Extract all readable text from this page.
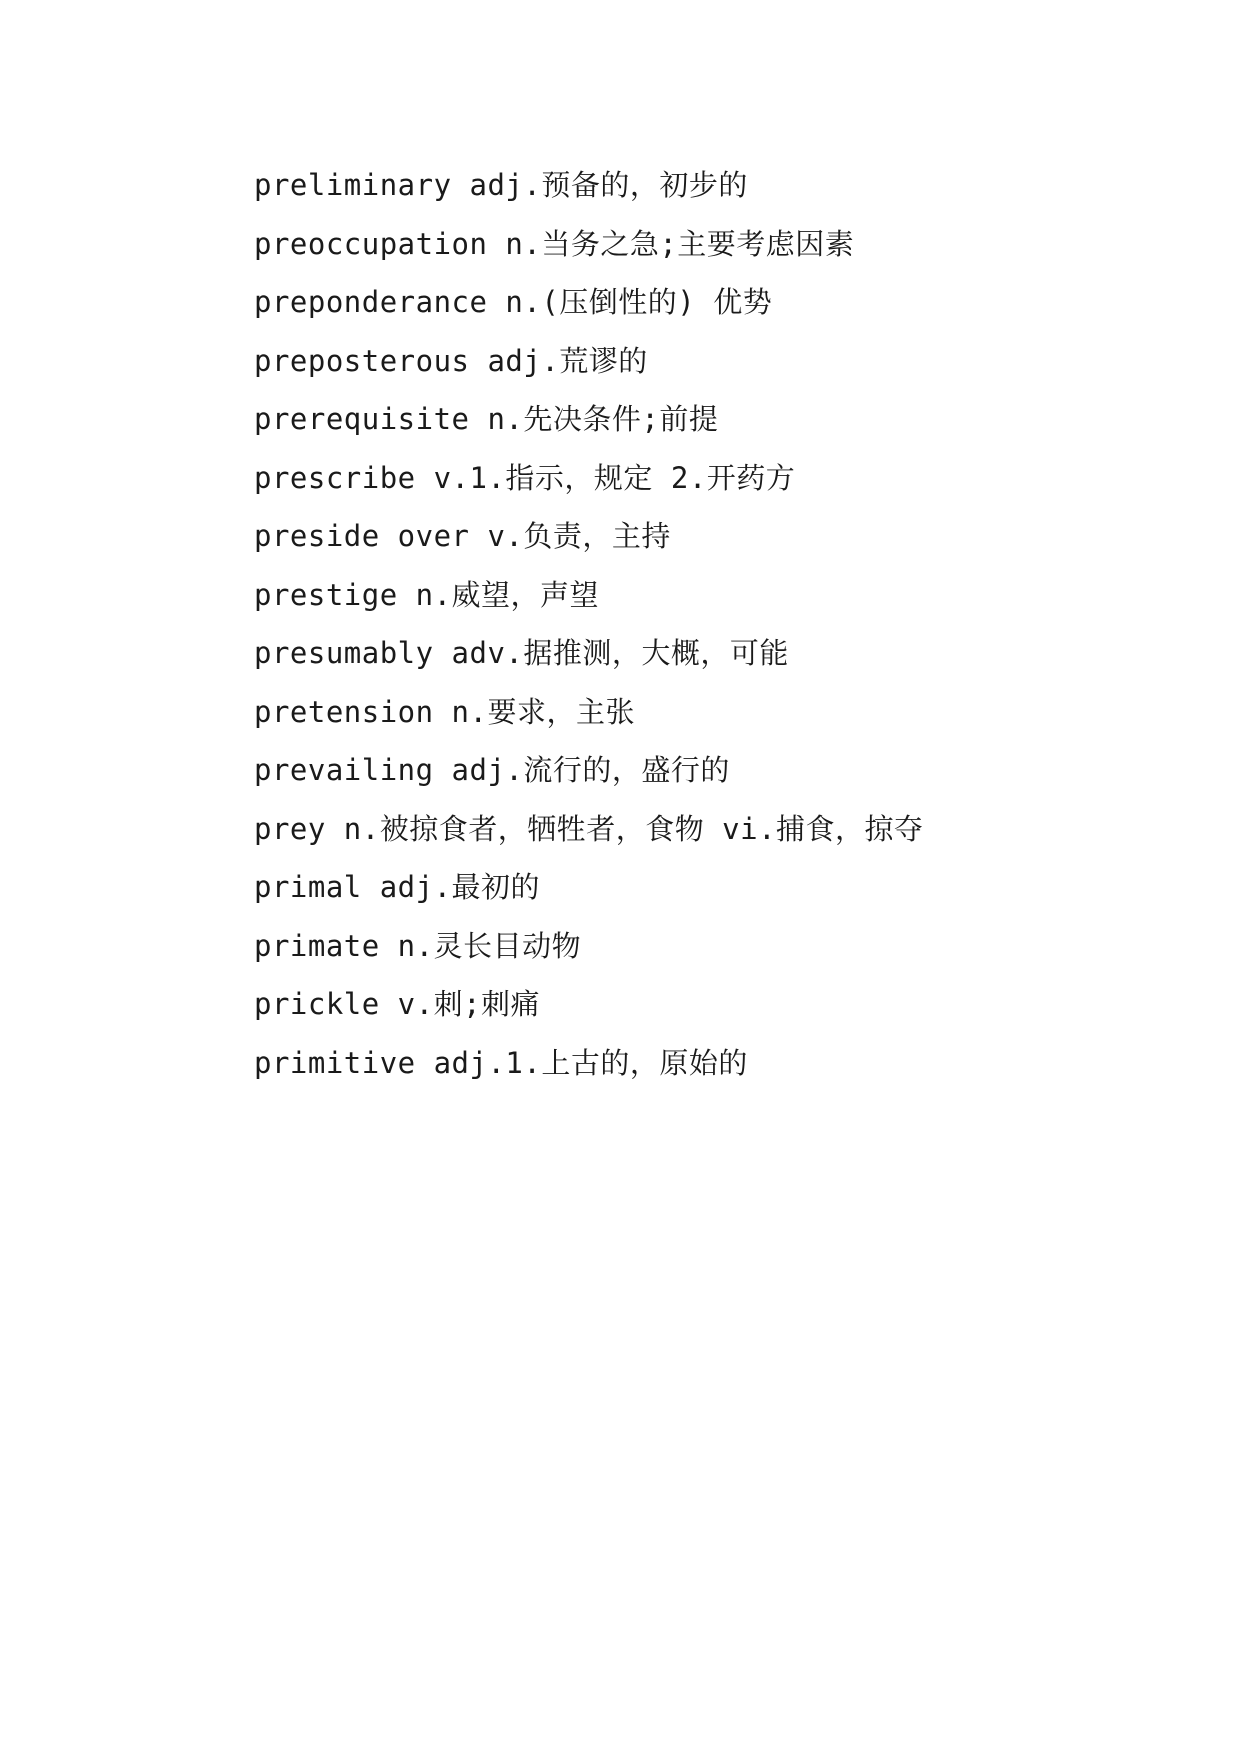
preliminary adj.预备的，初步的
preoccupation n.当务之急;主要考虑因素
preponderance n.(压倒性的) 优势
preposterous adj.荒谬的
prerequisite n.先决条件;前提
prescribe v.1.指示，规定 2.开药方
preside over v.负责，主持
prestige n.威望，声望
presumably adv.据推测，大概，可能
pretension n.要求，主张
prevailing adj.流行的，盛行的
prey n.被掠食者，牺牲者，食物 vi.捕食，掠夺
primal adj.最初的
primate n.灵长目动物
prickle v.刺;刺痛
primitive adj.1.上古的，原始的
